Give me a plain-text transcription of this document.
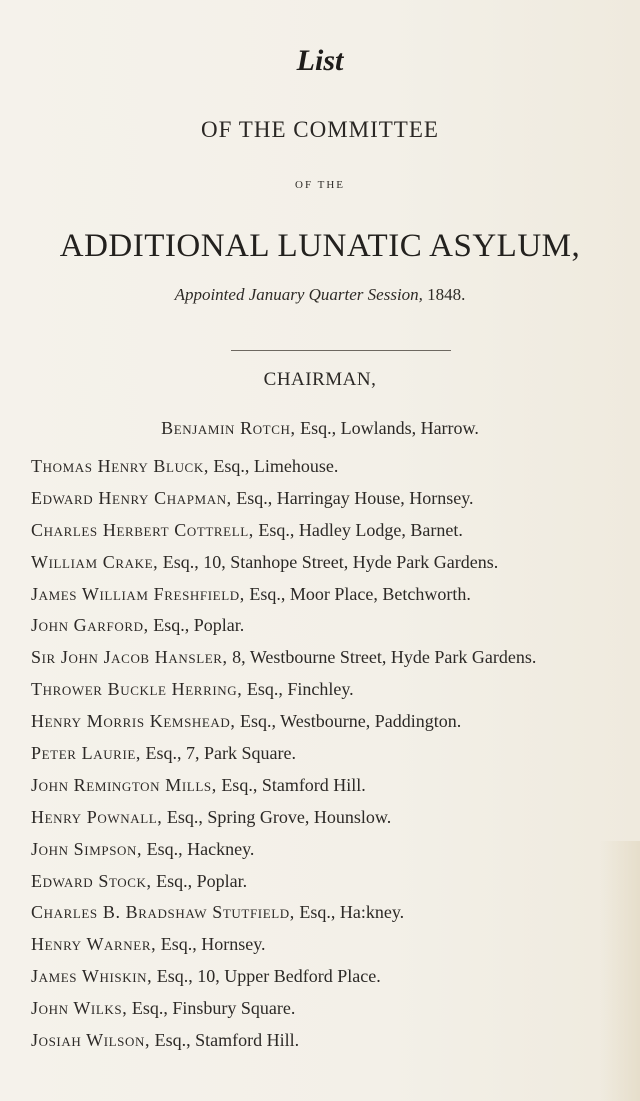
List
OF THE COMMITTEE
OF THE
ADDITIONAL LUNATIC ASYLUM,
Appointed January Quarter Session, 1848.
CHAIRMAN,
Benjamin Rotch, Esq., Lowlands, Harrow.
Thomas Henry Bluck, Esq., Limehouse.
Edward Henry Chapman, Esq., Harringay House, Hornsey.
Charles Herbert Cottrell, Esq., Hadley Lodge, Barnet.
William Crake, Esq., 10, Stanhope Street, Hyde Park Gardens.
James William Freshfield, Esq., Moor Place, Betchworth.
John Garford, Esq., Poplar.
Sir John Jacob Hansler, 8, Westbourne Street, Hyde Park Gardens.
Thrower Buckle Herring, Esq., Finchley.
Henry Morris Kemshead, Esq., Westbourne, Paddington.
Peter Laurie, Esq., 7, Park Square.
John Remington Mills, Esq., Stamford Hill.
Henry Pownall, Esq., Spring Grove, Hounslow.
John Simpson, Esq., Hackney.
Edward Stock, Esq., Poplar.
Charles B. Bradshaw Stutfield, Esq., Ha:kney.
Henry Warner, Esq., Hornsey.
James Whiskin, Esq., 10, Upper Bedford Place.
John Wilks, Esq., Finsbury Square.
Josiah Wilson, Esq., Stamford Hill.
